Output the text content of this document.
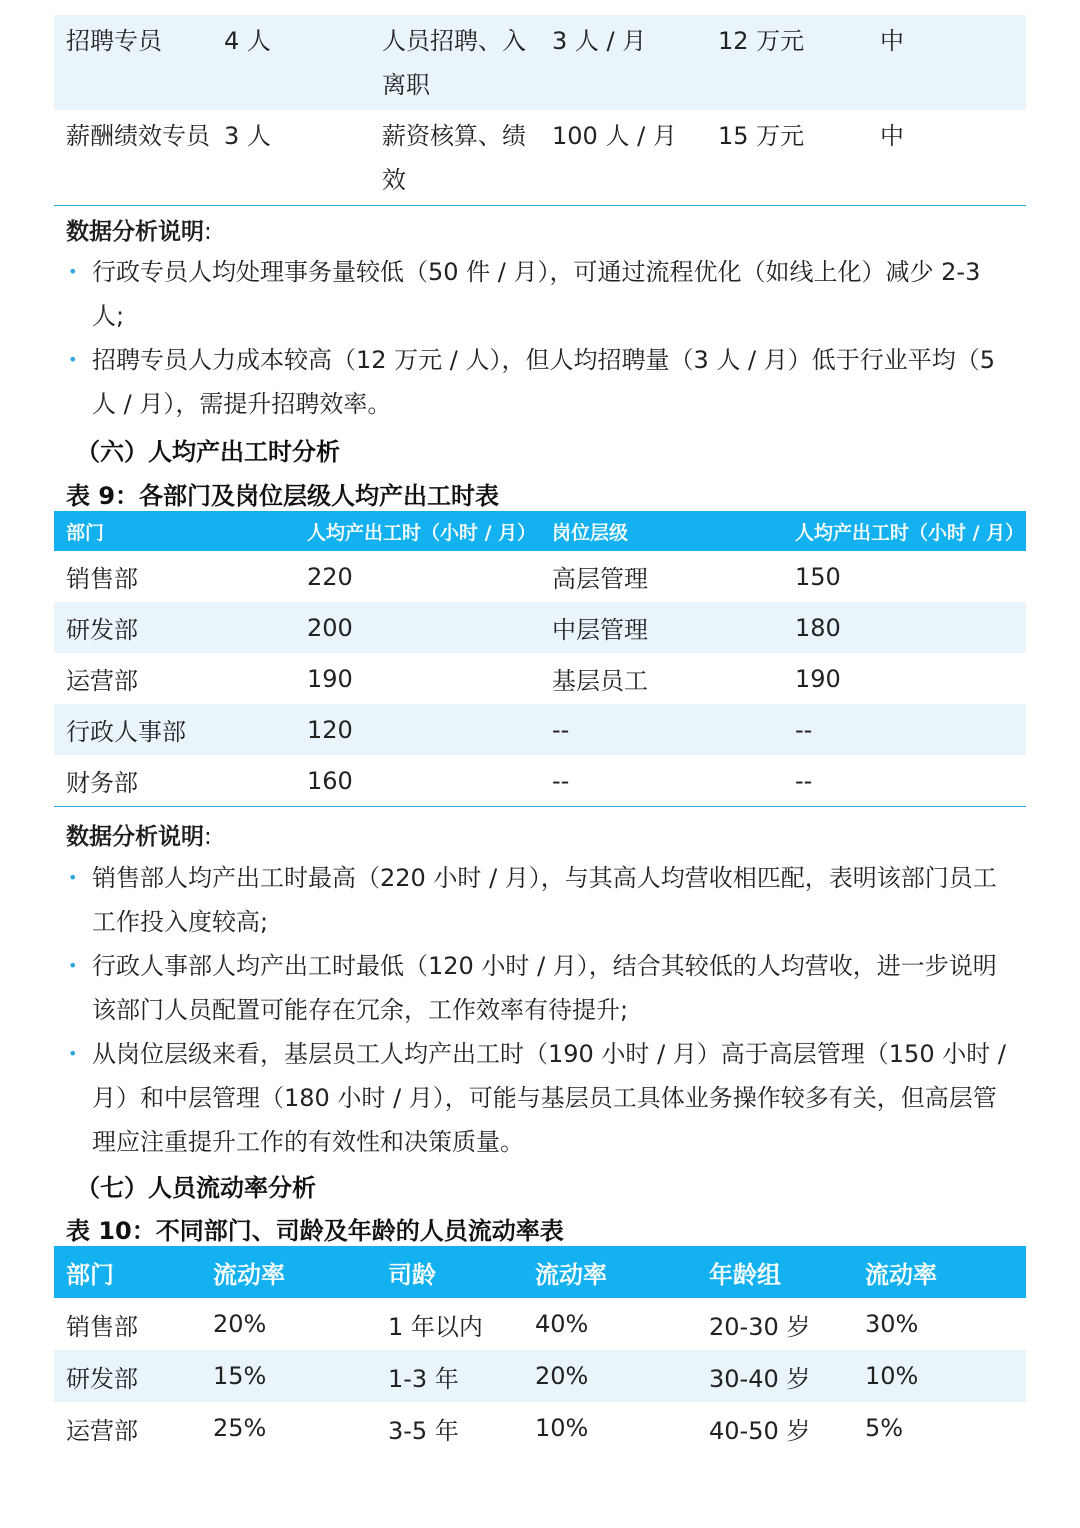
招聘专员	4 人	人员招聘、入离职	3 人 / 月	12 万元	中
薪酬绩效专员	3 人	薪资核算、绩效	100 人 / 月	15 万元	中
数据分析说明:
• 行政专员人均处理事务量较低（50 件 / 月），可通过流程优化（如线上化）减少 2-3 人;
• 招聘专员人力成本较高（12 万元 / 人），但人均招聘量（3 人 / 月）低于行业平均（5 人 / 月），需提升招聘效率。
（六）人均产出工时分析
表 9：各部门及岗位层级人均产出工时表
部门	人均产出工时（小时 / 月）	岗位层级	人均产出工时（小时 / 月）
销售部	220	高层管理	150
研发部	200	中层管理	180
运营部	190	基层员工	190
行政人事部	120	--	--
财务部	160	--	--
数据分析说明:
• 销售部人均产出工时最高（220 小时 / 月），与其高人均营收相匹配，表明该部门员工工作投入度较高;
• 行政人事部人均产出工时最低（120 小时 / 月），结合其较低的人均营收，进一步说明该部门人员配置可能存在冗余，工作效率有待提升;
• 从岗位层级来看，基层员工人均产出工时（190 小时 / 月）高于高层管理（150 小时 / 月）和中层管理（180 小时 / 月），可能与基层员工具体业务操作较多有关，但高层管理应注重提升工作的有效性和决策质量。
（七）人员流动率分析
表 10：不同部门、司龄及年龄的人员流动率表
部门	流动率	司龄	流动率	年龄组	流动率
销售部	20%	1 年以内	40%	20-30 岁	30%
研发部	15%	1-3 年	20%	30-40 岁	10%
运营部	25%	3-5 年	10%	40-50 岁	5%
